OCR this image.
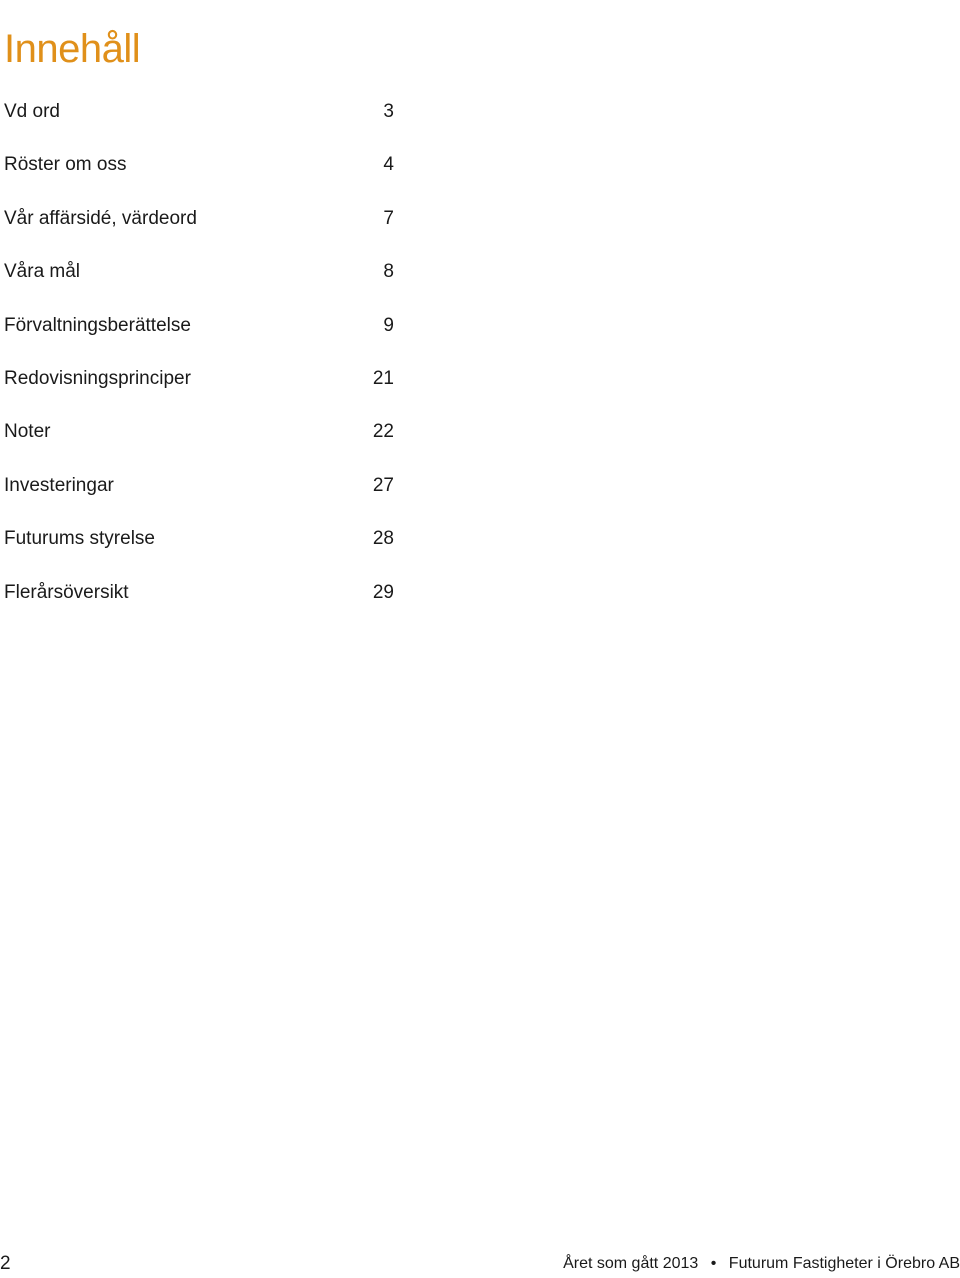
Innehåll
Vd ord	3
Röster om oss	4
Vår affärsidé, värdeord	7
Våra mål	8
Förvaltningsberättelse	9
Redovisningsprinciper	21
Noter	22
Investeringar	27
Futurums styrelse	28
Flerårsöversikt	29
2	Året som gått 2013 • Futurum Fastigheter i Örebro AB
